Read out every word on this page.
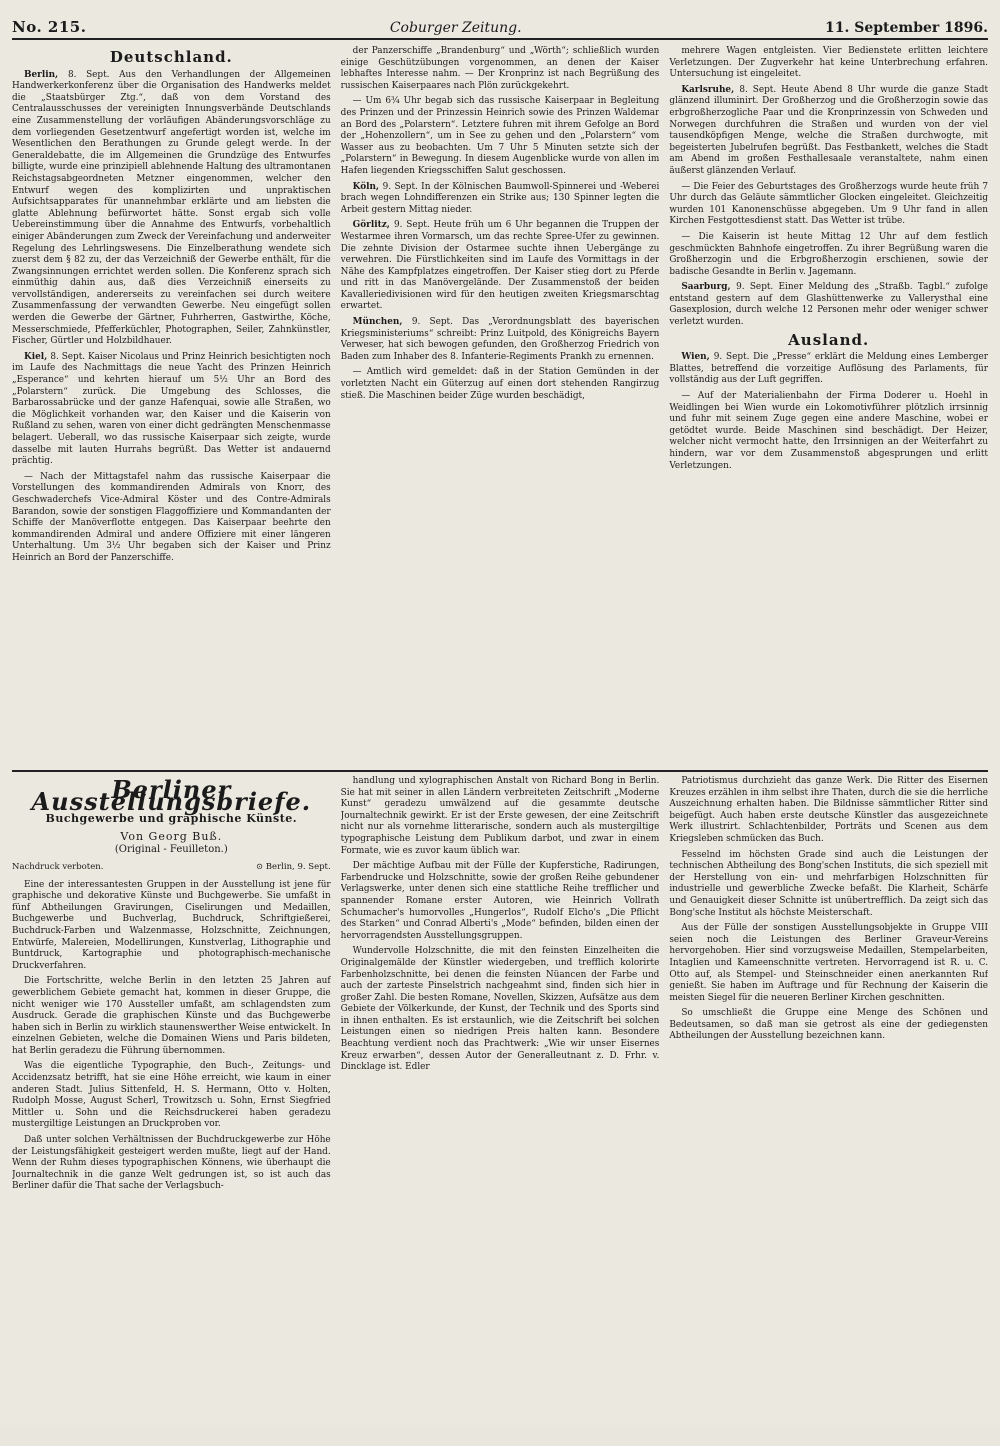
No. 215.	Coburger Zeitung.	11. September 1896.
Deutschland.

Berlin, 8. Sept. Aus den Verhandlungen der Allgemeinen Handwerkerkonferenz über die Organisation des Handwerks meldet die „Staatsbürger Ztg.“, daß von dem Vorstand des Centralausschusses der vereinigten Innungsverbände Deutschlands eine Zusammenstellung der vorläufigen Abänderungsvorschläge zu dem vorliegenden Gesetzentwurf angefertigt worden ist, welche im Wesentlichen den Berathungen zu Grunde gelegt werde. In der Generaldebatte, die im Allgemeinen die Grundzüge des Entwurfes billigte, wurde eine prinzipiell ablehnende Haltung des ultramontanen Reichstagsabgeordneten Metzner eingenommen, welcher den Entwurf wegen des komplizirten und unpraktischen Aufsichtsapparates für unannehmbar erklärte und am liebsten die glatte Ablehnung befürwortet hätte. Sonst ergab sich volle Uebereinstimmung über die Annahme des Entwurfs, vorbehaltlich einiger Abänderungen zum Zweck der Vereinfachung und anderweiter Regelung des Lehrlingswesens. Die Einzelberathung wendete sich zuerst dem § 82 zu, der das Verzeichniß der Gewerbe enthält, für die Zwangsinnungen errichtet werden sollen. Die Konferenz sprach sich einmüthig dahin aus, daß dies Verzeichniß einerseits zu vervollständigen, andererseits zu vereinfachen sei durch weitere Zusammenfassung der verwandten Gewerbe. Neu eingefügt sollen werden die Gewerbe der Gärtner, Fuhrherren, Gastwirthe, Köche, Messerschmiede, Pfefferküchler, Photographen, Seiler, Zahnkünstler, Fischer, Gürtler und Holzbildhauer.

Kiel, 8. Sept. Kaiser Nicolaus und Prinz Heinrich besichtigten noch im Laufe des Nachmittags die neue Yacht des Prinzen Heinrich „Esperance“ und kehrten hierauf um 5½ Uhr an Bord des „Polarstern“ zurück. Die Umgebung des Schlosses, die Barbarossabrücke und der ganze Hafenquai, sowie alle Straßen, wo die Möglichkeit vorhanden war, den Kaiser und die Kaiserin von Rußland zu sehen, waren von einer dicht gedrängten Menschenmasse belagert. Ueberall, wo das russische Kaiserpaar sich zeigte, wurde dasselbe mit lauten Hurrahs begrüßt. Das Wetter ist andauernd prächtig.

— Nach der Mittagstafel nahm das russische Kaiserpaar die Vorstellungen des kommandirenden Admirals von Knorr, des Geschwaderchefs Vice-Admiral Köster und des Contre-Admirals Barandon, sowie der sonstigen Flaggoffiziere und Kommandanten der Schiffe der Manöverflotte entgegen. Das Kaiserpaar beehrte den kommandirenden Admiral und andere Offiziere mit einer längeren Unterhaltung. Um 3½ Uhr begaben sich der Kaiser und Prinz Heinrich an Bord der Panzerschiffe.

der Panzerschiffe „Brandenburg“ und „Wörth“; schließlich wurden einige Geschützübungen vorgenommen, an denen der Kaiser lebhaftes Interesse nahm. — Der Kronprinz ist nach Begrüßung des russischen Kaiserpaares nach Plön zurückgekehrt.

— Um 6¾ Uhr begab sich das russische Kaiserpaar in Begleitung des Prinzen und der Prinzessin Heinrich sowie des Prinzen Waldemar an Bord des „Polarstern“. Letztere fuhren mit ihrem Gefolge an Bord der „Hohenzollern“, um in See zu gehen und den „Polarstern“ vom Wasser aus zu beobachten. Um 7 Uhr 5 Minuten setzte sich der „Polarstern“ in Bewegung. In diesem Augenblicke wurde von allen im Hafen liegenden Kriegsschiffen Salut geschossen.

Köln, 9. Sept. In der Kölnischen Baumwoll-Spinnerei und -Weberei brach wegen Lohndifferenzen ein Strike aus; 130 Spinner legten die Arbeit gestern Mittag nieder.

Görlitz, 9. Sept. Heute früh um 6 Uhr begannen die Truppen der Westarmee ihren Vormarsch, um das rechte Spree-Ufer zu gewinnen. Die zehnte Division der Ostarmee suchte ihnen Uebergänge zu verwehren. Die Fürstlichkeiten sind im Laufe des Vormittags in der Nähe des Kampfplatzes eingetroffen. Der Kaiser stieg dort zu Pferde und ritt in das Manövergelände. Der Zusammenstoß der beiden Kavalleriedivisionen wird für den heutigen zweiten Kriegsmarschtag erwartet.

München, 9. Sept. Das „Verordnungsblatt des bayerischen Kriegsministeriums“ schreibt: Prinz Luitpold, des Königreichs Bayern Verweser, hat sich bewogen gefunden, den Großherzog Friedrich von Baden zum Inhaber des 8. Infanterie-Regiments Prankh zu ernennen.

— Amtlich wird gemeldet: daß in der Station Gemünden in der vorletzten Nacht ein Güterzug auf einen dort stehenden Rangirzug stieß. Die Maschinen beider Züge wurden beschädigt,

mehrere Wagen entgleisten. Vier Bedienstete erlitten leichtere Verletzungen. Der Zugverkehr hat keine Unterbrechung erfahren. Untersuchung ist eingeleitet.

Karlsruhe, 8. Sept. Heute Abend 8 Uhr wurde die ganze Stadt glänzend illuminirt. Der Großherzog und die Großherzogin sowie das erbgroßherzogliche Paar und die Kronprinzessin von Schweden und Norwegen durchfuhren die Straßen und wurden von der viel tausendköpfigen Menge, welche die Straßen durchwogte, mit begeisterten Jubelrufen begrüßt. Das Festbankett, welches die Stadt am Abend im großen Festhallesaale veranstaltete, nahm einen äußerst glänzenden Verlauf.

— Die Feier des Geburtstages des Großherzogs wurde heute früh 7 Uhr durch das Geläute sämmtlicher Glocken eingeleitet. Gleichzeitig wurden 101 Kanonenschüsse abgegeben. Um 9 Uhr fand in allen Kirchen Festgottesdienst statt. Das Wetter ist trübe.

— Die Kaiserin ist heute Mittag 12 Uhr auf dem festlich geschmückten Bahnhofe eingetroffen. Zu ihrer Begrüßung waren die Großherzogin und die Erbgroßherzogin erschienen, sowie der badische Gesandte in Berlin v. Jagemann.

Saarburg, 9. Sept. Einer Meldung des „Straßb. Tagbl.“ zufolge entstand gestern auf dem Glashüttenwerke zu Vallerysthal eine Gasexplosion, durch welche 12 Personen mehr oder weniger schwer verletzt wurden.

Ausland.

Wien, 9. Sept. Die „Presse“ erklärt die Meldung eines Lemberger Blattes, betreffend die vorzeitige Auflösung des Parlaments, für vollständig aus der Luft gegriffen.

— Auf der Materialienbahn der Firma Doderer u. Hoehl in Weidlingen bei Wien wurde ein Lokomotivführer plötzlich irrsinnig und fuhr mit seinem Zuge gegen eine andere Maschine, wobei er getödtet wurde. Beide Maschinen sind beschädigt. Der Heizer, welcher nicht vermocht hatte, den Irrsinnigen an der Weiterfahrt zu hindern, war vor dem Zusammenstoß abgesprungen und erlitt Verletzungen.

Berliner Ausstellungsbriefe.
Buchgewerbe und graphische Künste.
Von Georg Buß.
(Original - Feuilleton.)
Nachdruck verboten.	⊙ Berlin, 9. Sept.

Eine der interessantesten Gruppen in der Ausstellung ist jene für graphische und dekorative Künste und Buchgewerbe. Sie umfaßt in fünf Abtheilungen Gravirungen, Ciselirungen und Medaillen, Buchgewerbe und Buchverlag, Buchdruck, Schriftgießerei, Buchdruck-Farben und Walzenmasse, Holzschnitte, Zeichnungen, Entwürfe, Malereien, Modellirungen, Kunstverlag, Lithographie und Buntdruck, Kartographie und photographisch-mechanische Druckverfahren.

Die Fortschritte, welche Berlin in den letzten 25 Jahren auf gewerblichem Gebiete gemacht hat, kommen in dieser Gruppe, die nicht weniger wie 170 Aussteller umfaßt, am schlagendsten zum Ausdruck. Gerade die graphischen Künste und das Buchgewerbe haben sich in Berlin zu wirklich staunenswerther Weise entwickelt. In einzelnen Gebieten, welche die Domainen Wiens und Paris bildeten, hat Berlin geradezu die Führung übernommen.

Was die eigentliche Typographie, den Buch-, Zeitungs- und Accidenzsatz betrifft, hat sie eine Höhe erreicht, wie kaum in einer anderen Stadt. Julius Sittenfeld, H. S. Hermann, Otto v. Holten, Rudolph Mosse, August Scherl, Trowitzsch u. Sohn, Ernst Siegfried Mittler u. Sohn und die Reichsdruckerei haben geradezu mustergiltige Leistungen an Druckproben vor.

Daß unter solchen Verhältnissen der Buchdruckgewerbe zur Höhe der Leistungsfähigkeit gesteigert werden mußte, liegt auf der Hand. Wenn der Ruhm dieses typographischen Könnens, wie überhaupt die Journaltechnik in die ganze Welt gedrungen ist, so ist auch das Berliner dafür die That sache der Verlagsbuch-

handlung und xylographischen Anstalt von Richard Bong in Berlin. Sie hat mit seiner in allen Ländern verbreiteten Zeitschrift „Moderne Kunst“ geradezu umwälzend auf die gesammte deutsche Journaltechnik gewirkt. Er ist der Erste gewesen, der eine Zeitschrift nicht nur als vornehme litterarische, sondern auch als mustergiltige typographische Leistung dem Publikum darbot, und zwar in einem Formate, wie es zuvor kaum üblich war.

Der mächtige Aufbau mit der Fülle der Kupferstiche, Radirungen, Farbendrucke und Holzschnitte, sowie der großen Reihe gebundener Verlagswerke, unter denen sich eine stattliche Reihe trefflicher und spannender Romane erster Autoren, wie Heinrich Vollrath Schumacher's humorvolles „Hungerlos“, Rudolf Elcho's „Die Pflicht des Starken“ und Conrad Alberti's „Mode“ befinden, bilden einen der hervorragendsten Ausstellungsgruppen.

Wundervolle Holzschnitte, die mit den feinsten Einzelheiten die Originalgemälde der Künstler wiedergeben, und trefflich kolorirte Farbenholzschnitte, bei denen die feinsten Nüancen der Farbe und auch der zarteste Pinselstrich nachgeahmt sind, finden sich hier in großer Zahl. Die besten Romane, Novellen, Skizzen, Aufsätze aus dem Gebiete der Völkerkunde, der Kunst, der Technik und des Sports sind in ihnen enthalten. Es ist erstaunlich, wie die Zeitschrift bei solchen Leistungen einen so niedrigen Preis halten kann. Besondere Beachtung verdient noch das Prachtwerk: „Wie wir unser Eisernes Kreuz erwarben“, dessen Autor der Generalleutnant z. D. Frhr. v. Dincklage ist. Edler

Patriotismus durchzieht das ganze Werk. Die Ritter des Eisernen Kreuzes erzählen in ihm selbst ihre Thaten, durch die sie die herrliche Auszeichnung erhalten haben. Die Bildnisse sämmtlicher Ritter sind beigefügt. Auch haben erste deutsche Künstler das ausgezeichnete Werk illustrirt. Schlachtenbilder, Porträts und Scenen aus dem Kriegsleben schmücken das Buch.

Fesselnd im höchsten Grade sind auch die Leistungen der technischen Abtheilung des Bong'schen Instituts, die sich speziell mit der Herstellung von ein- und mehrfarbigen Holzschnitten für industrielle und gewerbliche Zwecke befaßt. Die Klarheit, Schärfe und Genauigkeit dieser Schnitte ist unübertrefflich. Da zeigt sich das Bong'sche Institut als höchste Meisterschaft.

Aus der Fülle der sonstigen Ausstellungsobjekte in Gruppe VIII seien noch die Leistungen des Berliner Graveur-Vereins hervorgehoben. Hier sind vorzugsweise Medaillen, Stempelarbeiten, Intaglien und Kameenschnitte vertreten. Hervorragend ist R. u. C. Otto auf, als Stempel- und Steinschneider einen anerkannten Ruf genießt. Sie haben im Auftrage und für Rechnung der Kaiserin die meisten Siegel für die neueren Berliner Kirchen geschnitten.

So umschließt die Gruppe eine Menge des Schönen und Bedeutsamen, so daß man sie getrost als eine der gediegensten Abtheilungen der Ausstellung bezeichnen kann.
